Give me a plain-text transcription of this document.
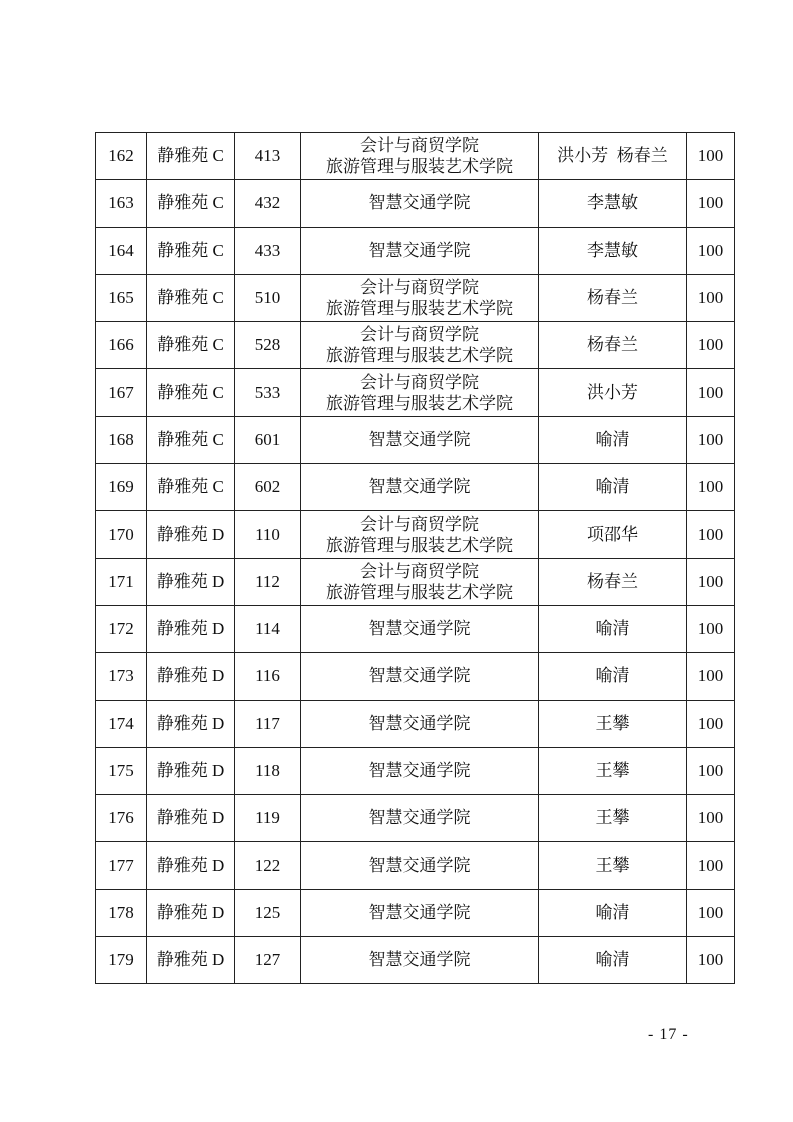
162	静雅苑 C	413	会计与商贸学院
旅游管理与服装艺术学院	洪小芳  杨春兰	100
163	静雅苑 C	432	智慧交通学院	李慧敏	100
164	静雅苑 C	433	智慧交通学院	李慧敏	100
165	静雅苑 C	510	会计与商贸学院
旅游管理与服装艺术学院	杨春兰	100
166	静雅苑 C	528	会计与商贸学院
旅游管理与服装艺术学院	杨春兰	100
167	静雅苑 C	533	会计与商贸学院
旅游管理与服装艺术学院	洪小芳	100
168	静雅苑 C	601	智慧交通学院	喻清	100
169	静雅苑 C	602	智慧交通学院	喻清	100
170	静雅苑 D	110	会计与商贸学院
旅游管理与服装艺术学院	项邵华	100
171	静雅苑 D	112	会计与商贸学院
旅游管理与服装艺术学院	杨春兰	100
172	静雅苑 D	114	智慧交通学院	喻清	100
173	静雅苑 D	116	智慧交通学院	喻清	100
174	静雅苑 D	117	智慧交通学院	王攀	100
175	静雅苑 D	118	智慧交通学院	王攀	100
176	静雅苑 D	119	智慧交通学院	王攀	100
177	静雅苑 D	122	智慧交通学院	王攀	100
178	静雅苑 D	125	智慧交通学院	喻清	100
179	静雅苑 D	127	智慧交通学院	喻清	100
- 17 -
